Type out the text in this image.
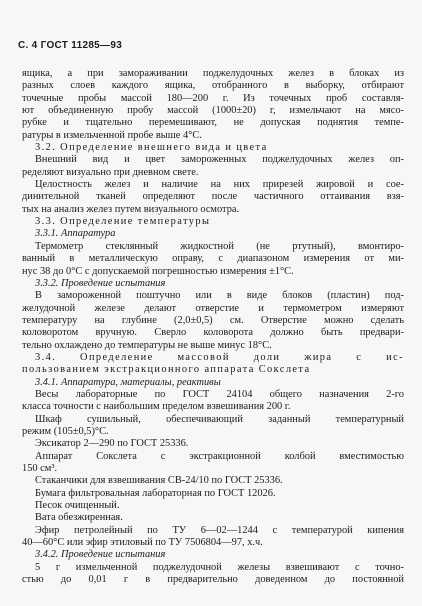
С. 4 ГОСТ 11285—93
ящика, а при замораживании поджелудочных желез в блоках из
разных слоев каждого ящика, отобранного в выборку, отбирают
точечные пробы массой 180—200 г. Из точечных проб составля-
ют объединенную пробу массой (1000±20) г, измельчают на мясо-
рубке и тщательно перемешивают, не допуская поднятия темпе-
ратуры в измельченной пробе выше 4°С.
3.2. Определение внешнего вида и цвета
Внешний вид и цвет замороженных поджелудочных желез оп-
ределяют визуально при дневном свете.
Целостность желез и наличие на них прирезей жировой и сое-
динительной тканей определяют после частичного оттаивания взя-
тых на анализ желез путем визуального осмотра.
3.3. Определение температуры
3.3.1. Аппаратура
Термометр стеклянный жидкостной (не ртутный), вмонтиро-
ванный в металлическую оправу, с диапазоном измерения от ми-
нус 38 до 0°С с допускаемой погрешностью измерения ±1°С.
3.3.2. Проведение испытания
В замороженной поштучно или в виде блоков (пластин) под-
желудочной железе делают отверстие и термометром измеряют
температуру на глубине (2,0±0,5) см. Отверстие можно сделать
коловоротом вручную. Сверло коловорота должно быть предвари-
тельно охлаждено до температуры не выше минус 18°С.
3.4. Определение массовой доли жира с ис-
пользованием экстракционного аппарата Сокслета
3.4.1. Аппаратура, материалы, реактивы
Весы лабораторные по ГОСТ 24104 общего назначения 2-го
класса точности с наибольшим пределом взвешивания 200 г.
Шкаф сушильный, обеспечивающий заданный температурный
режим (105±0,5)°С.
Эксикатор 2—290 по ГОСТ 25336.
Аппарат Сокслета с экстракционной колбой вместимостью
150 см³.
Стаканчики для взвешивания СВ-24/10 по ГОСТ 25336.
Бумага фильтровальная лабораторная по ГОСТ 12026.
Песок очищенный.
Вата обезжиренная.
Эфир петролейный по ТУ 6—02—1244 с температурой кипения
40—60°С или эфир этиловый по ТУ 7506804—97, х.ч.
3.4.2. Проведение испытания
5 г измельченной поджелудочной железы взвешивают с точно-
стью до 0,01 г в предварительно доведенном до постоянной
